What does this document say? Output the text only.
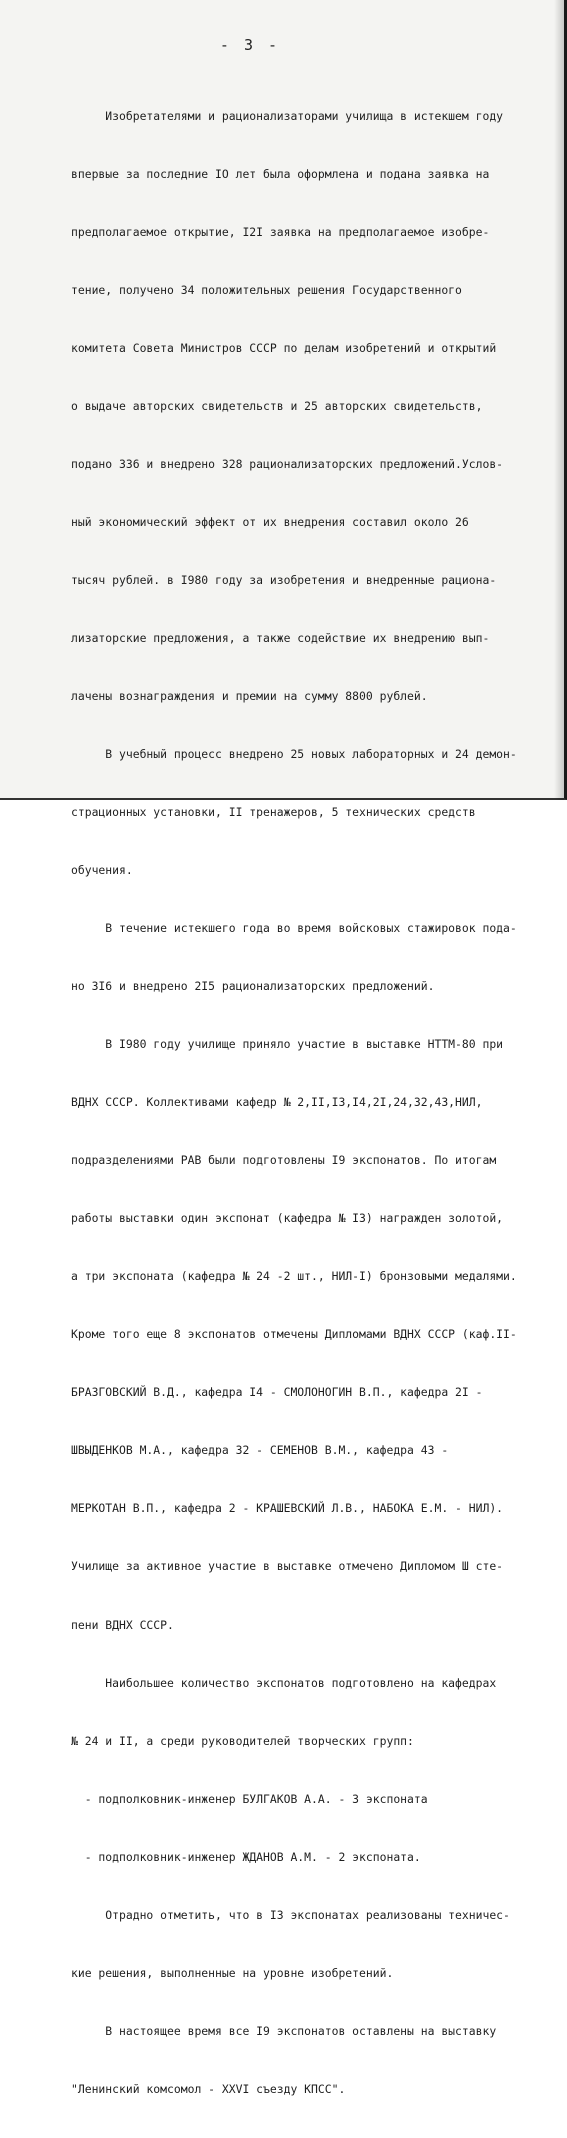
- 3 -

Изобретателями и рационализаторами училища в истекшем году

впервые за последние IO лет была оформлена и подана заявка на

предполагаемое открытие, I2I заявка на предполагаемое изобре-

тение, получено 34 положительных решения Государственного

комитета Совета Министров СССР по делам изобретений и открытий

о выдаче авторских свидетельств и 25 авторских свидетельств,

подано 336 и внедрено 328 рационализаторских предложений.Услов-

ный экономический эффект от их внедрения составил около 26

тысяч рублей. в I980 году за изобретения и внедренные рациона-

лизаторские предложения, а также содействие их внедрению вып-

лачены вознаграждения и премии на сумму 8800 рублей.

В учебный процесс внедрено 25 новых лабораторных и 24 демон-

страционных установки, II тренажеров, 5 технических средств

обучения.

В течение истекшего года во время войсковых стажировок пода-

но 3I6 и внедрено 2I5 рационализаторских предложений.

В I980 году училище приняло участие в выставке НТТМ-80 при

ВДНХ СССР. Коллективами кафедр № 2,II,I3,I4,2I,24,32,43,НИЛ,

подразделениями РАВ были подготовлены I9 экспонатов. По итогам

работы выставки один экспонат (кафедра № I3) награжден золотой,

а три экспоната (кафедра № 24 -2 шт., НИЛ-I) бронзовыми медалями.

Кроме того еще 8 экспонатов отмечены Дипломами ВДНХ СССР (каф.II-

БРАЗГОВСКИЙ В.Д., кафедра I4 - СМОЛОНОГИН В.П., кафедра 2I -

ШВЫДЕНКОВ М.А., кафедра 32 - СЕМЕНОВ В.М., кафедра 43 -

МЕРКОТАН В.П., кафедра 2 - КРАШЕВСКИЙ Л.В., НАБОКА Е.М. - НИЛ).

Училище за активное участие в выставке отмечено Дипломом Ш сте-

пени ВДНХ СССР.

Наибольшее количество экспонатов подготовлено на кафедрах

№ 24 и II, а среди руководителей творческих групп:

- подполковник-инженер БУЛГАКОВ А.А. - 3 экспоната

- подполковник-инженер ЖДАНОВ А.М. - 2 экспоната.

Отрадно отметить, что в I3 экспонатах реализованы техничес-

кие решения, выполненные на уровне изобретений.

В настоящее время все I9 экспонатов оставлены на выставку

"Ленинский комсомол - XXVI съезду КПСС".
